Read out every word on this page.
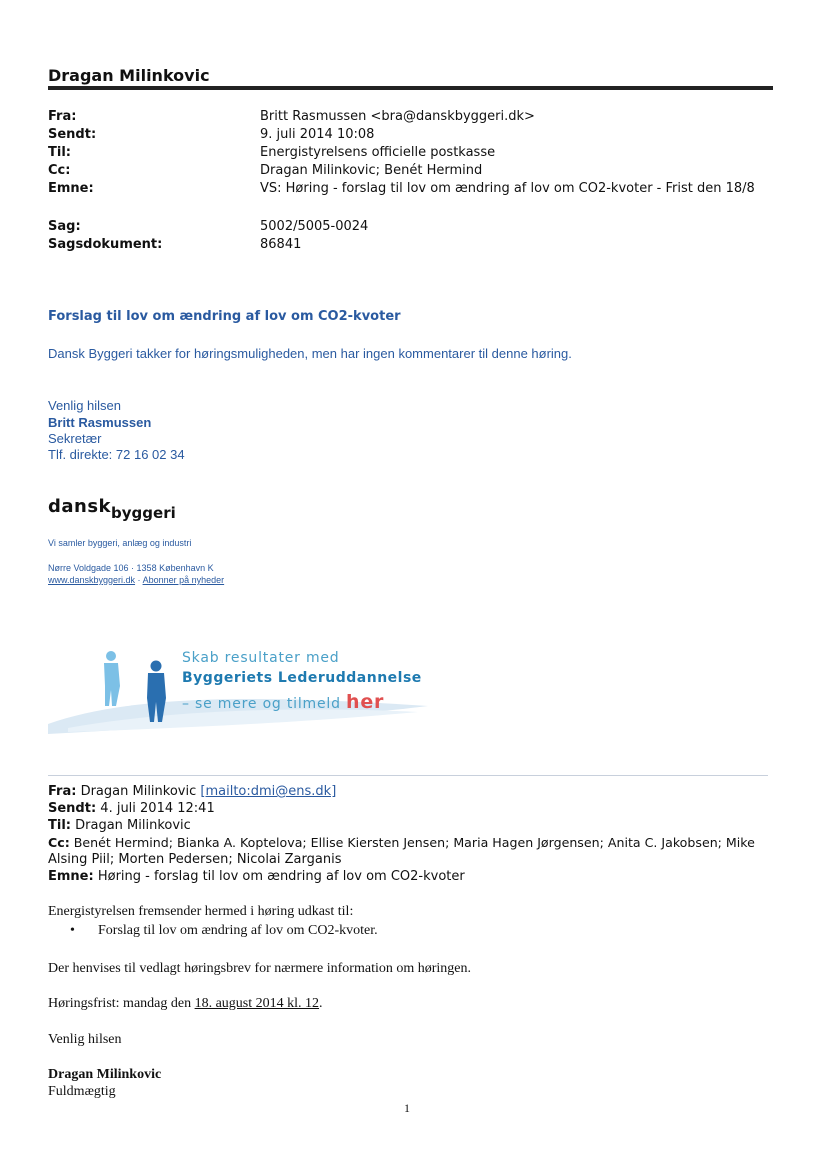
Dragan Milinkovic
Fra:	Britt Rasmussen <bra@danskbyggeri.dk>
Sendt:	9. juli 2014 10:08
Til:	Energistyrelsens officielle postkasse
Cc:	Dragan Milinkovic; Benét Hermind
Emne:	VS: Høring - forslag til lov om ændring af lov om CO2-kvoter - Frist den 18/8
Sag:	5002/5005-0024
Sagsdokument:	86841
Forslag til lov om ændring af lov om CO2-kvoter
Dansk Byggeri takker for høringsmuligheden, men har ingen kommentarer til denne høring.
Venlig hilsen
Britt Rasmussen
Sekretær
Tlf. direkte: 72 16 02 34
danskbyggeri
Vi samler byggeri, anlæg og industri
Nørre Voldgade 106 · 1358 København K
www.danskbyggeri.dk · Abonner på nyheder
Skab resultater med
Byggeriets Lederuddannelse
– se mere og tilmeld her
Fra: Dragan Milinkovic [mailto:dmi@ens.dk]
Sendt: 4. juli 2014 12:41
Til: Dragan Milinkovic
Cc: Benét Hermind; Bianka A. Koptelova; Ellise Kiersten Jensen; Maria Hagen Jørgensen; Anita C. Jakobsen; Mike
Alsing Piil; Morten Pedersen; Nicolai Zarganis
Emne: Høring - forslag til lov om ændring af lov om CO2-kvoter
Energistyrelsen fremsender hermed i høring udkast til:
• Forslag til lov om ændring af lov om CO2-kvoter.
Der henvises til vedlagt høringsbrev for nærmere information om høringen.
Høringsfrist: mandag den 18. august 2014 kl. 12.
Venlig hilsen
Dragan Milinkovic
Fuldmægtig
1
